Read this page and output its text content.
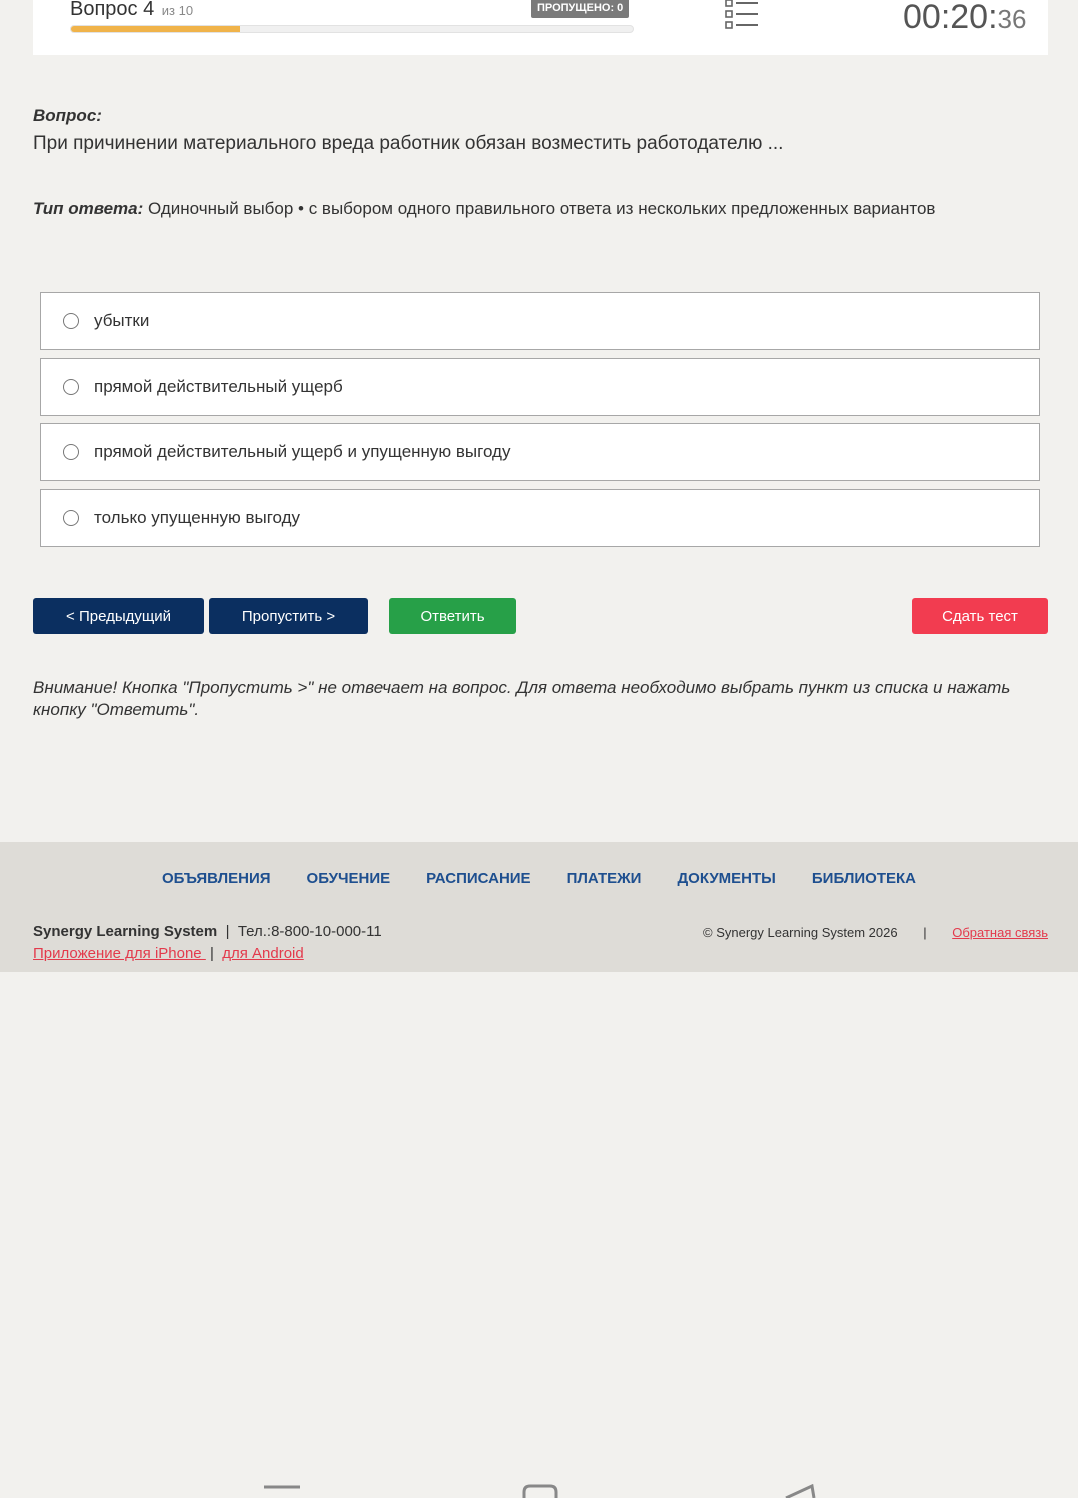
Вопрос 4 из 10	ПРОПУЩЕНО: 0	00:20:36
Вопрос:
При причинении материального вреда работник обязан возместить работодателю ...
Тип ответа: Одиночный выбор • с выбором одного правильного ответа из нескольких предложенных вариантов
убытки
прямой действительный ущерб
прямой действительный ущерб и упущенную выгоду
только упущенную выгоду
< Предыдущий	Пропустить >	Ответить	Сдать тест
Внимание! Кнопка "Пропустить >" не отвечает на вопрос. Для ответа необходимо выбрать пункт из списка и нажать кнопку "Ответить".
ОБЪЯВЛЕНИЯ ОБУЧЕНИЕ РАСПИСАНИЕ ПЛАТЕЖИ ДОКУМЕНТЫ БИБЛИОТЕКА
Synergy Learning System  |  Тел.:8-800-10-000-11
Приложение для iPhone  |  для Android
© Synergy Learning System 2026 | Обратная связь
